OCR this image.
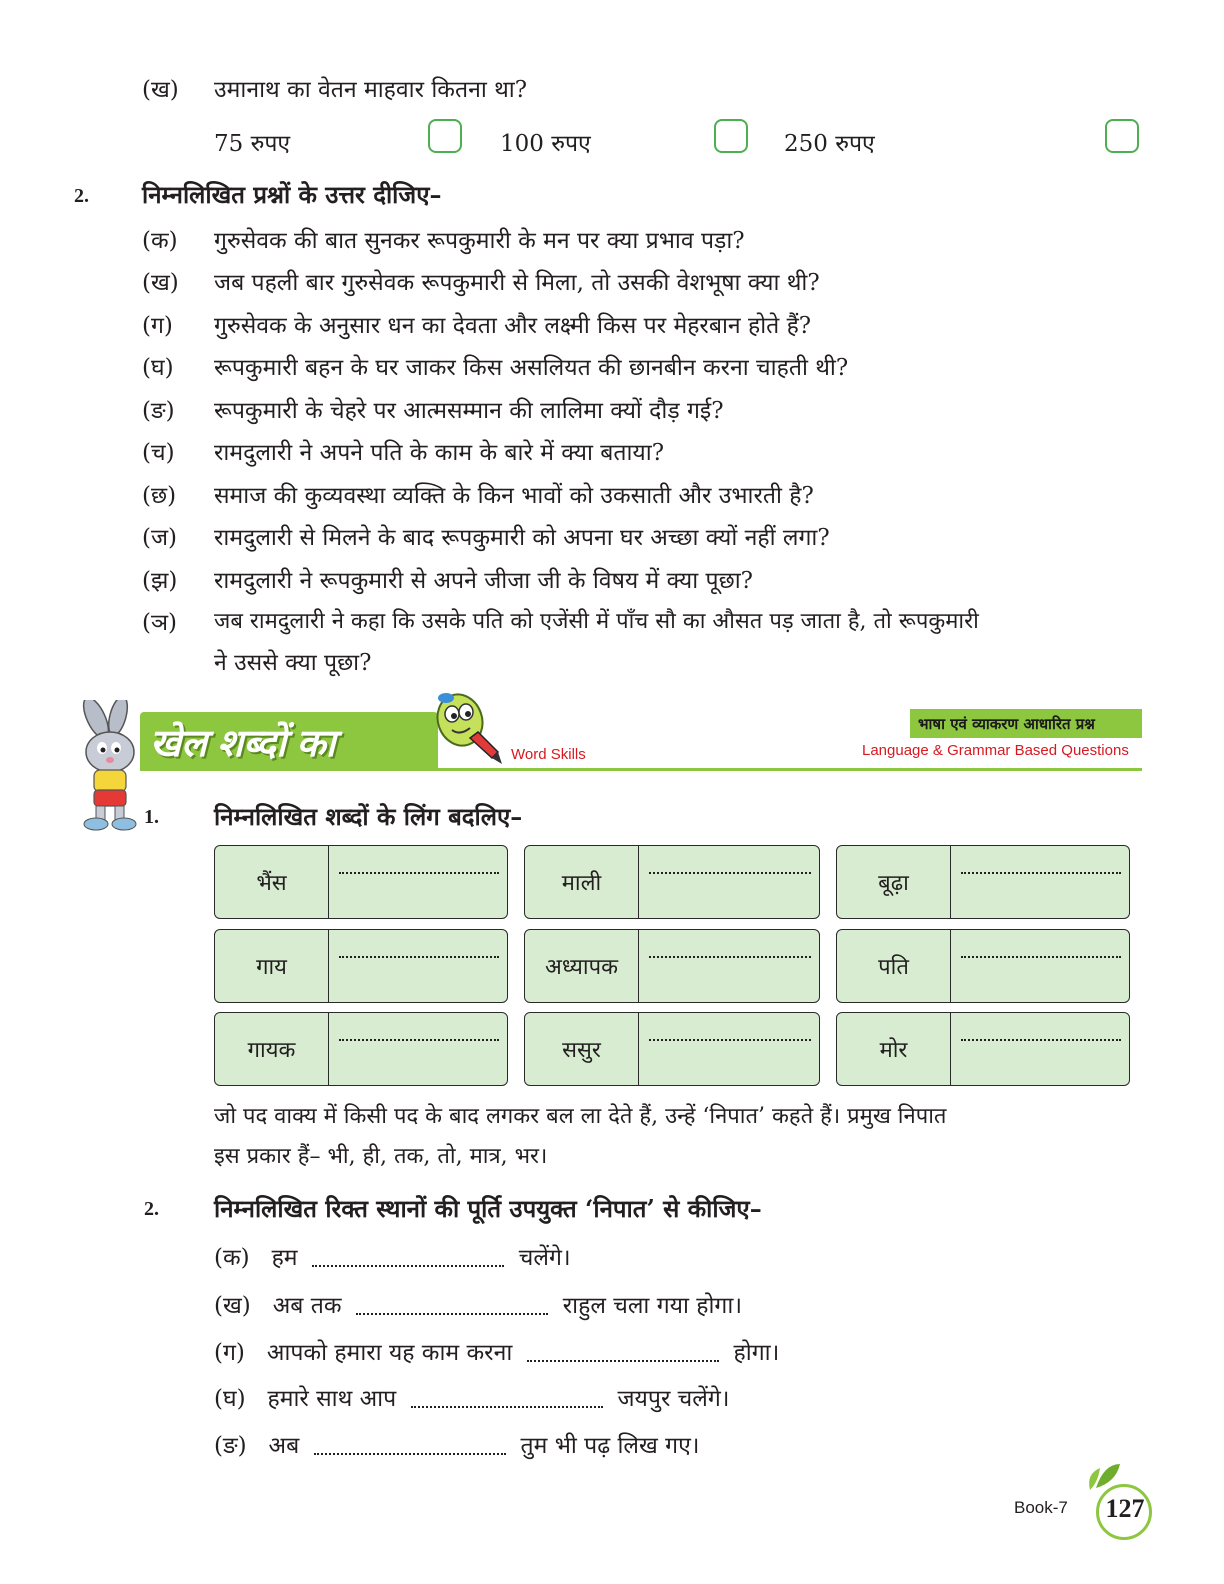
(ख) उमानाथ का वेतन माहवार कितना था?
75 रुपए	100 रुपए	250 रुपए
2. निम्नलिखित प्रश्नों के उत्तर दीजिए–
(क) गुरुसेवक की बात सुनकर रूपकुमारी के मन पर क्या प्रभाव पड़ा?
(ख) जब पहली बार गुरुसेवक रूपकुमारी से मिला, तो उसकी वेशभूषा क्या थी?
(ग) गुरुसेवक के अनुसार धन का देवता और लक्ष्मी किस पर मेहरबान होते हैं?
(घ) रूपकुमारी बहन के घर जाकर किस असलियत की छानबीन करना चाहती थी?
(ङ) रूपकुमारी के चेहरे पर आत्मसम्मान की लालिमा क्यों दौड़ गई?
(च) रामदुलारी ने अपने पति के काम के बारे में क्या बताया?
(छ) समाज की कुव्यवस्था व्यक्ति के किन भावों को उकसाती और उभारती है?
(ज) रामदुलारी से मिलने के बाद रूपकुमारी को अपना घर अच्छा क्यों नहीं लगा?
(झ) रामदुलारी ने रूपकुमारी से अपने जीजा जी के विषय में क्या पूछा?
(ञ) जब रामदुलारी ने कहा कि उसके पति को एजेंसी में पाँच सौ का औसत पड़ जाता है, तो रूपकुमारी
ने उससे क्या पूछा?
खेल शब्दों का	Word Skills
भाषा एवं व्याकरण आधारित प्रश्न
Language & Grammar Based Questions
1. निम्नलिखित शब्दों के लिंग बदलिए–
भैंस	माली	बूढ़ा
गाय	अध्यापक	पति
गायक	ससुर	मोर
जो पद वाक्य में किसी पद के बाद लगकर बल ला देते हैं, उन्हें ‘निपात’ कहते हैं। प्रमुख निपात
इस प्रकार हैं– भी, ही, तक, तो, मात्र, भर।
2. निम्नलिखित रिक्त स्थानों की पूर्ति उपयुक्त ‘निपात’ से कीजिए–
(क) हम	चलेंगे।
(ख) अब तक	राहुल चला गया होगा।
(ग) आपको हमारा यह काम करना	होगा।
(घ) हमारे साथ आप	जयपुर चलेंगे।
(ङ) अब	तुम भी पढ़ लिख गए।
Book-7 127
